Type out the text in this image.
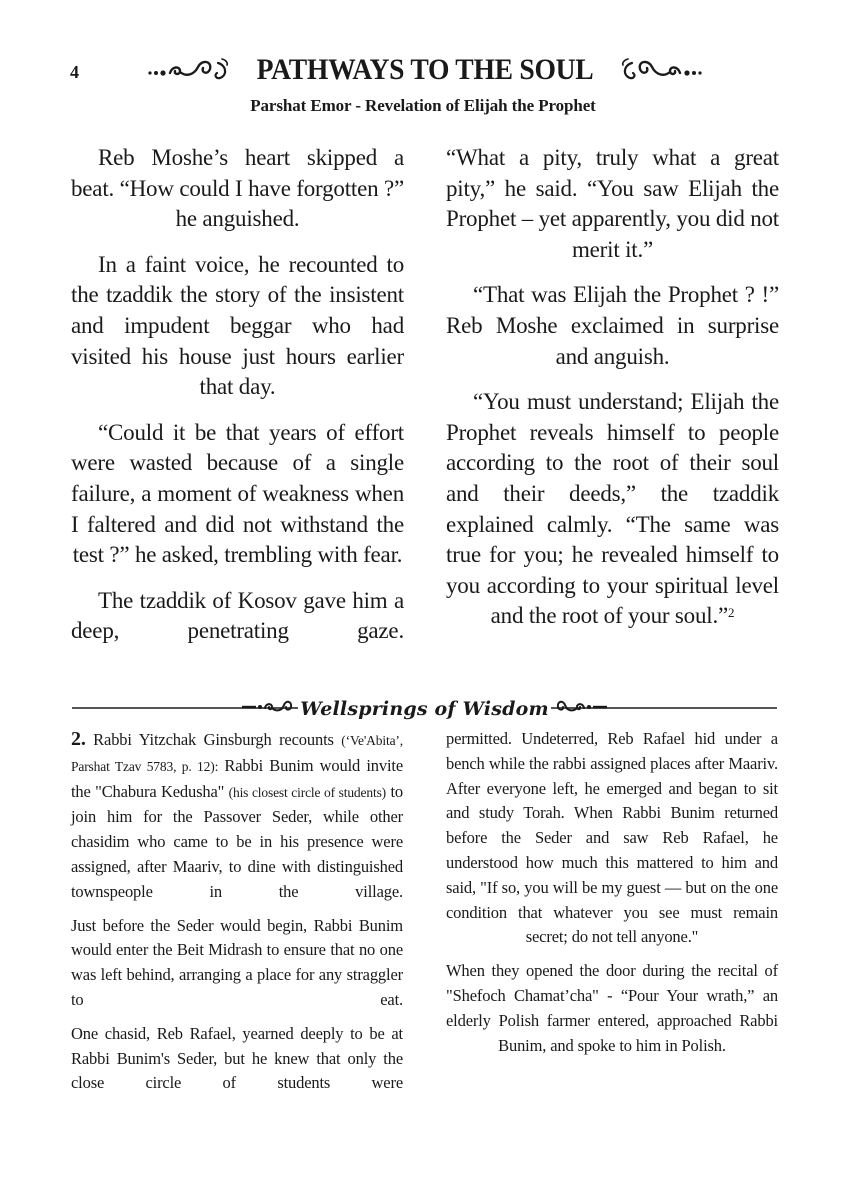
4	PATHWAYS TO THE SOUL
Parshat Emor - Revelation of Elijah the Prophet

Reb Moshe’s heart skipped a beat. “How could I have forgotten ?” he anguished.

In a faint voice, he recounted to the tzaddik the story of the insistent and impudent beggar who had visited his house just hours earlier that day.

“Could it be that years of effort were wasted because of a single failure, a moment of weakness when I faltered and did not withstand the test ?” he asked, trembling with fear.

The tzaddik of Kosov gave him a deep, penetrating gaze.

“What a pity, truly what a great pity,” he said. “You saw Elijah the Prophet – yet apparently, you did not merit it.”

“That was Elijah the Prophet ? !” Reb Moshe exclaimed in surprise and anguish.

“You must understand; Elijah the Prophet reveals himself to people according to the root of their soul and their deeds,” the tzaddik explained calmly. “The same was true for you; he revealed himself to you according to your spiritual level and the root of your soul.”$^2$

Wellsprings of Wisdom

2. Rabbi Yitzchak Ginsburgh recounts (‘Ve'Abita’, Parshat Tzav 5783, p. 12): Rabbi Bunim would invite the "Chabura Kedusha" (his closest circle of students) to join him for the Passover Seder, while other chasidim who came to be in his presence were assigned, after Maariv, to dine with distinguished townspeople in the village.

Just before the Seder would begin, Rabbi Bunim would enter the Beit Midrash to ensure that no one was left behind, arranging a place for any straggler to eat.

One chasid, Reb Rafael, yearned deeply to be at Rabbi Bunim's Seder, but he knew that only the close circle of students were

permitted. Undeterred, Reb Rafael hid under a bench while the rabbi assigned places after Maariv. After everyone left, he emerged and began to sit and study Torah. When Rabbi Bunim returned before the Seder and saw Reb Rafael, he understood how much this mattered to him and said, "If so, you will be my guest — but on the one condition that whatever you see must remain secret; do not tell anyone."

When they opened the door during the recital of "Shefoch Chamat’cha" - “Pour Your wrath,” an elderly Polish farmer entered, approached Rabbi Bunim, and spoke to him in Polish.
